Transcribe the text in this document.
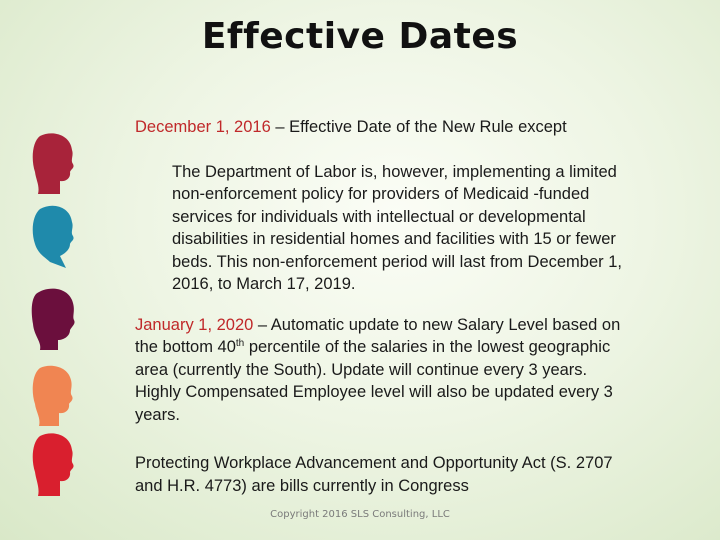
Effective Dates

December 1, 2016 – Effective Date of the New Rule except

The Department of Labor is, however, implementing a limited non-enforcement policy for providers of Medicaid -funded services for individuals with intellectual or developmental disabilities in residential homes and facilities with 15 or fewer beds. This non-enforcement period will last from December 1, 2016, to March 17, 2019.

January 1, 2020 – Automatic update to new Salary Level based on the bottom 40th percentile of the salaries in the lowest geographic area (currently the South). Update will continue every 3 years. Highly Compensated Employee level will also be updated every 3 years.

Protecting Workplace Advancement and Opportunity Act (S. 2707 and H.R. 4773) are bills currently in Congress

Copyright 2016 SLS Consulting, LLC
